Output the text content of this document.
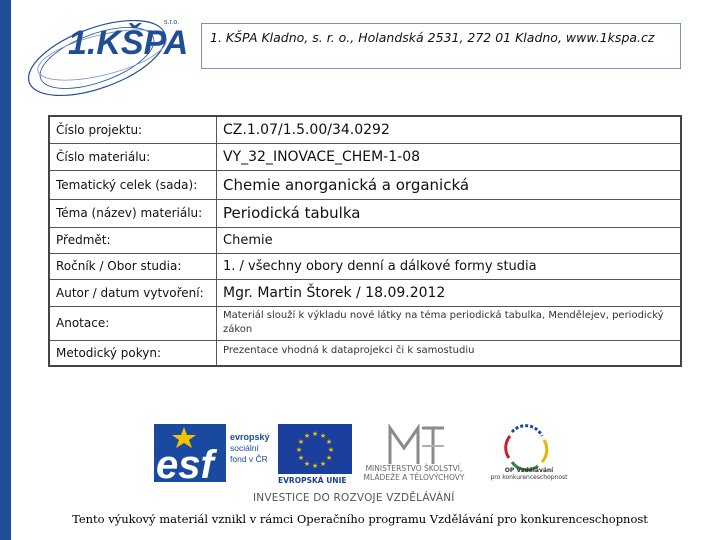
1.KŠPA
s.r.o.
1. KŠPA Kladno, s. r. o., Holandská 2531, 272 01 Kladno, www.1kspa.cz
Číslo projektu:	CZ.1.07/1.5.00/34.0292
Číslo materiálu:	VY_32_INOVACE_CHEM-1-08
Tematický celek (sada):	Chemie anorganická a organická
Téma (název) materiálu:	Periodická tabulka
Předmět:	Chemie
Ročník / Obor studia:	1. / všechny obory denní a dálkové formy studia
Autor / datum vytvoření:	Mgr. Martin Štorek / 18.09.2012
Anotace:	Materiál slouží k výkladu nové látky na téma periodická tabulka, Mendělejev, periodický zákon
Metodický pokyn:	Prezentace vhodná k dataprojekci či k samostudiu
esf
evropský
sociální
fond v ČR
★ ★
★
★
★
★
★
★
★
★
★
★
EVROPSKÁ UNIE
MINISTERSTVO ŠKOLSTVÍ,
MLÁDEŽE A TĚLOVÝCHOVY
INVESTICE DO ROZVOJE VZDĚLÁVÁNÍ
OP Vzdělávání
pro konkurenceschopnost
Tento výukový materiál vznikl v rámci Operačního programu Vzdělávání pro konkurenceschopnost
